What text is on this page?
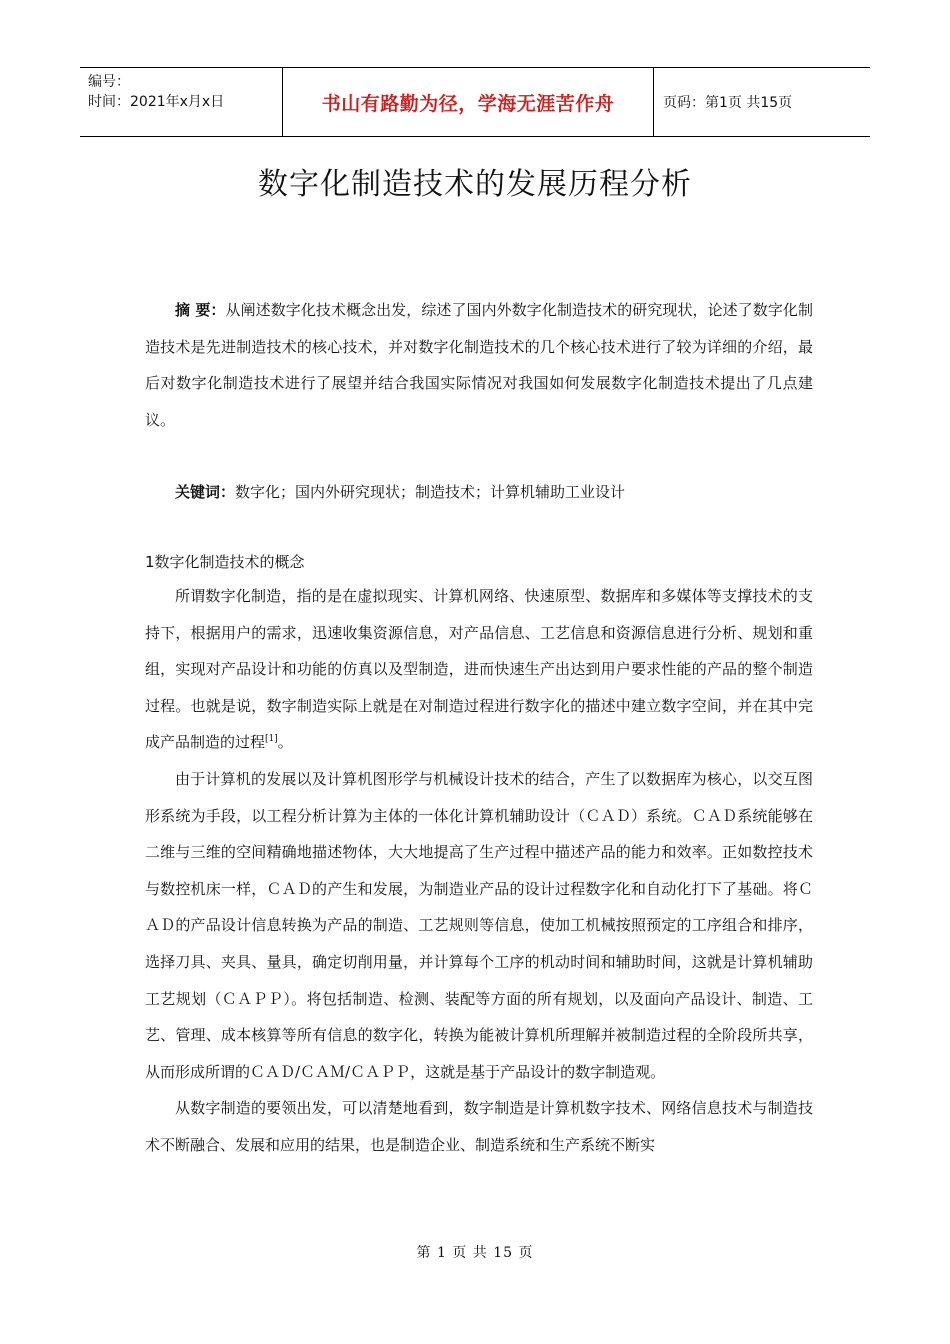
编号：
时间：2021年x月x日	书山有路勤为径，学海无涯苦作舟	页码：第1页 共15页
数字化制造技术的发展历程分析

摘 要：从阐述数字化技术概念出发，综述了国内外数字化制造技术的研究现状，论述了数字化制造技术是先进制造技术的核心技术，并对数字化制造技术的几个核心技术进行了较为详细的介绍，最后对数字化制造技术进行了展望并结合我国实际情况对我国如何发展数字化制造技术提出了几点建议。

关键词：数字化；国内外研究现状；制造技术；计算机辅助工业设计

1数字化制造技术的概念

所谓数字化制造，指的是在虚拟现实、计算机网络、快速原型、数据库和多媒体等支撑技术的支持下，根据用户的需求，迅速收集资源信息，对产品信息、工艺信息和资源信息进行分析、规划和重组，实现对产品设计和功能的仿真以及型制造，进而快速生产出达到用户要求性能的产品的整个制造过程。也就是说，数字制造实际上就是在对制造过程进行数字化的描述中建立数字空间，并在其中完成产品制造的过程[1]。

由于计算机的发展以及计算机图形学与机械设计技术的结合，产生了以数据库为核心，以交互图形系统为手段，以工程分析计算为主体的一体化计算机辅助设计（ＣＡＤ）系统。ＣＡＤ系统能够在二维与三维的空间精确地描述物体，大大地提高了生产过程中描述产品的能力和效率。正如数控技术与数控机床一样，ＣＡＤ的产生和发展，为制造业产品的设计过程数字化和自动化打下了基础。将ＣＡＤ的产品设计信息转换为产品的制造、工艺规则等信息，使加工机械按照预定的工序组合和排序，选择刀具、夹具、量具，确定切削用量，并计算每个工序的机动时间和辅助时间，这就是计算机辅助工艺规划（ＣＡＰＰ）。将包括制造、检测、装配等方面的所有规划，以及面向产品设计、制造、工艺、管理、成本核算等所有信息的数字化，转换为能被计算机所理解并被制造过程的全阶段所共享，从而形成所谓的ＣＡＤ/ＣＡＭ/ＣＡＰＰ，这就是基于产品设计的数字制造观。

从数字制造的要领出发，可以清楚地看到，数字制造是计算机数字技术、网络信息技术与制造技术不断融合、发展和应用的结果，也是制造企业、制造系统和生产系统不断实

第 1 页 共 15 页
